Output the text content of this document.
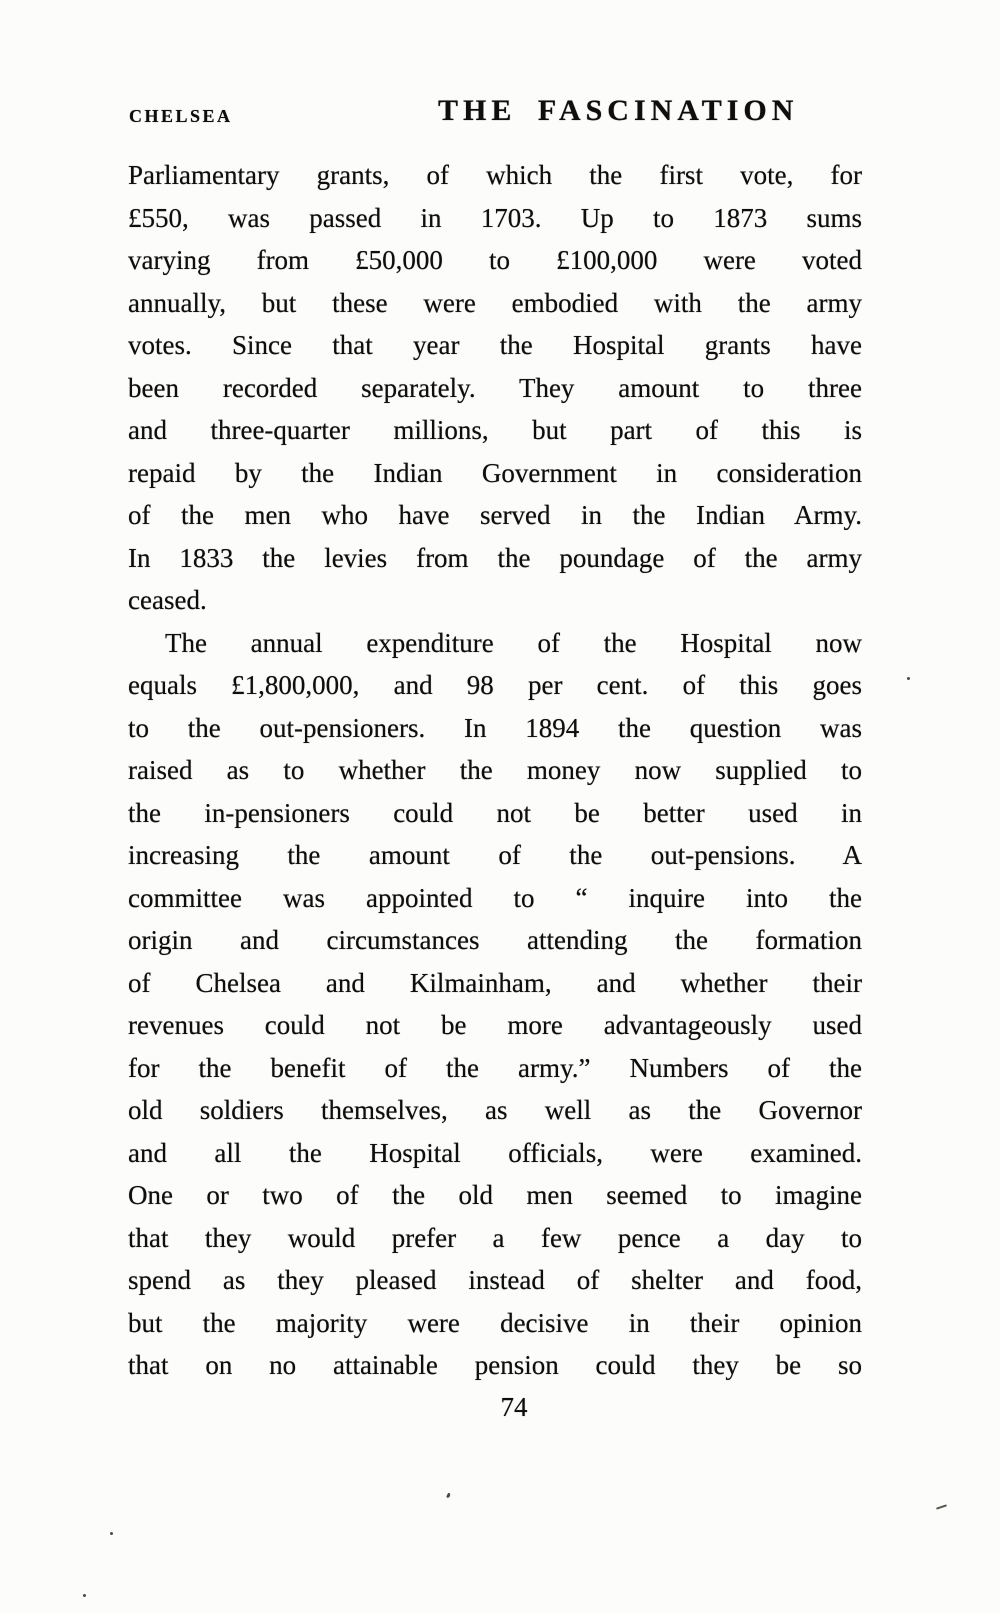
CHELSEA	THE FASCINATION
Parliamentary grants, of which the first vote, for
£550, was passed in 1703. Up to 1873 sums
varying from £50,000 to £100,000 were voted
annually, but these were embodied with the army
votes. Since that year the Hospital grants have
been recorded separately. They amount to three
and three-quarter millions, but part of this is
repaid by the Indian Government in consideration
of the men who have served in the Indian Army.
In 1833 the levies from the poundage of the army
ceased.
The annual expenditure of the Hospital now
equals £1,800,000, and 98 per cent. of this goes
to the out-pensioners. In 1894 the question was
raised as to whether the money now supplied to
the in-pensioners could not be better used in
increasing the amount of the out-pensions. A
committee was appointed to “ inquire into the
origin and circumstances attending the formation
of Chelsea and Kilmainham, and whether their
revenues could not be more advantageously used
for the benefit of the army.” Numbers of the
old soldiers themselves, as well as the Governor
and all the Hospital officials, were examined.
One or two of the old men seemed to imagine
that they would prefer a few pence a day to
spend as they pleased instead of shelter and food,
but the majority were decisive in their opinion
that on no attainable pension could they be so
74
